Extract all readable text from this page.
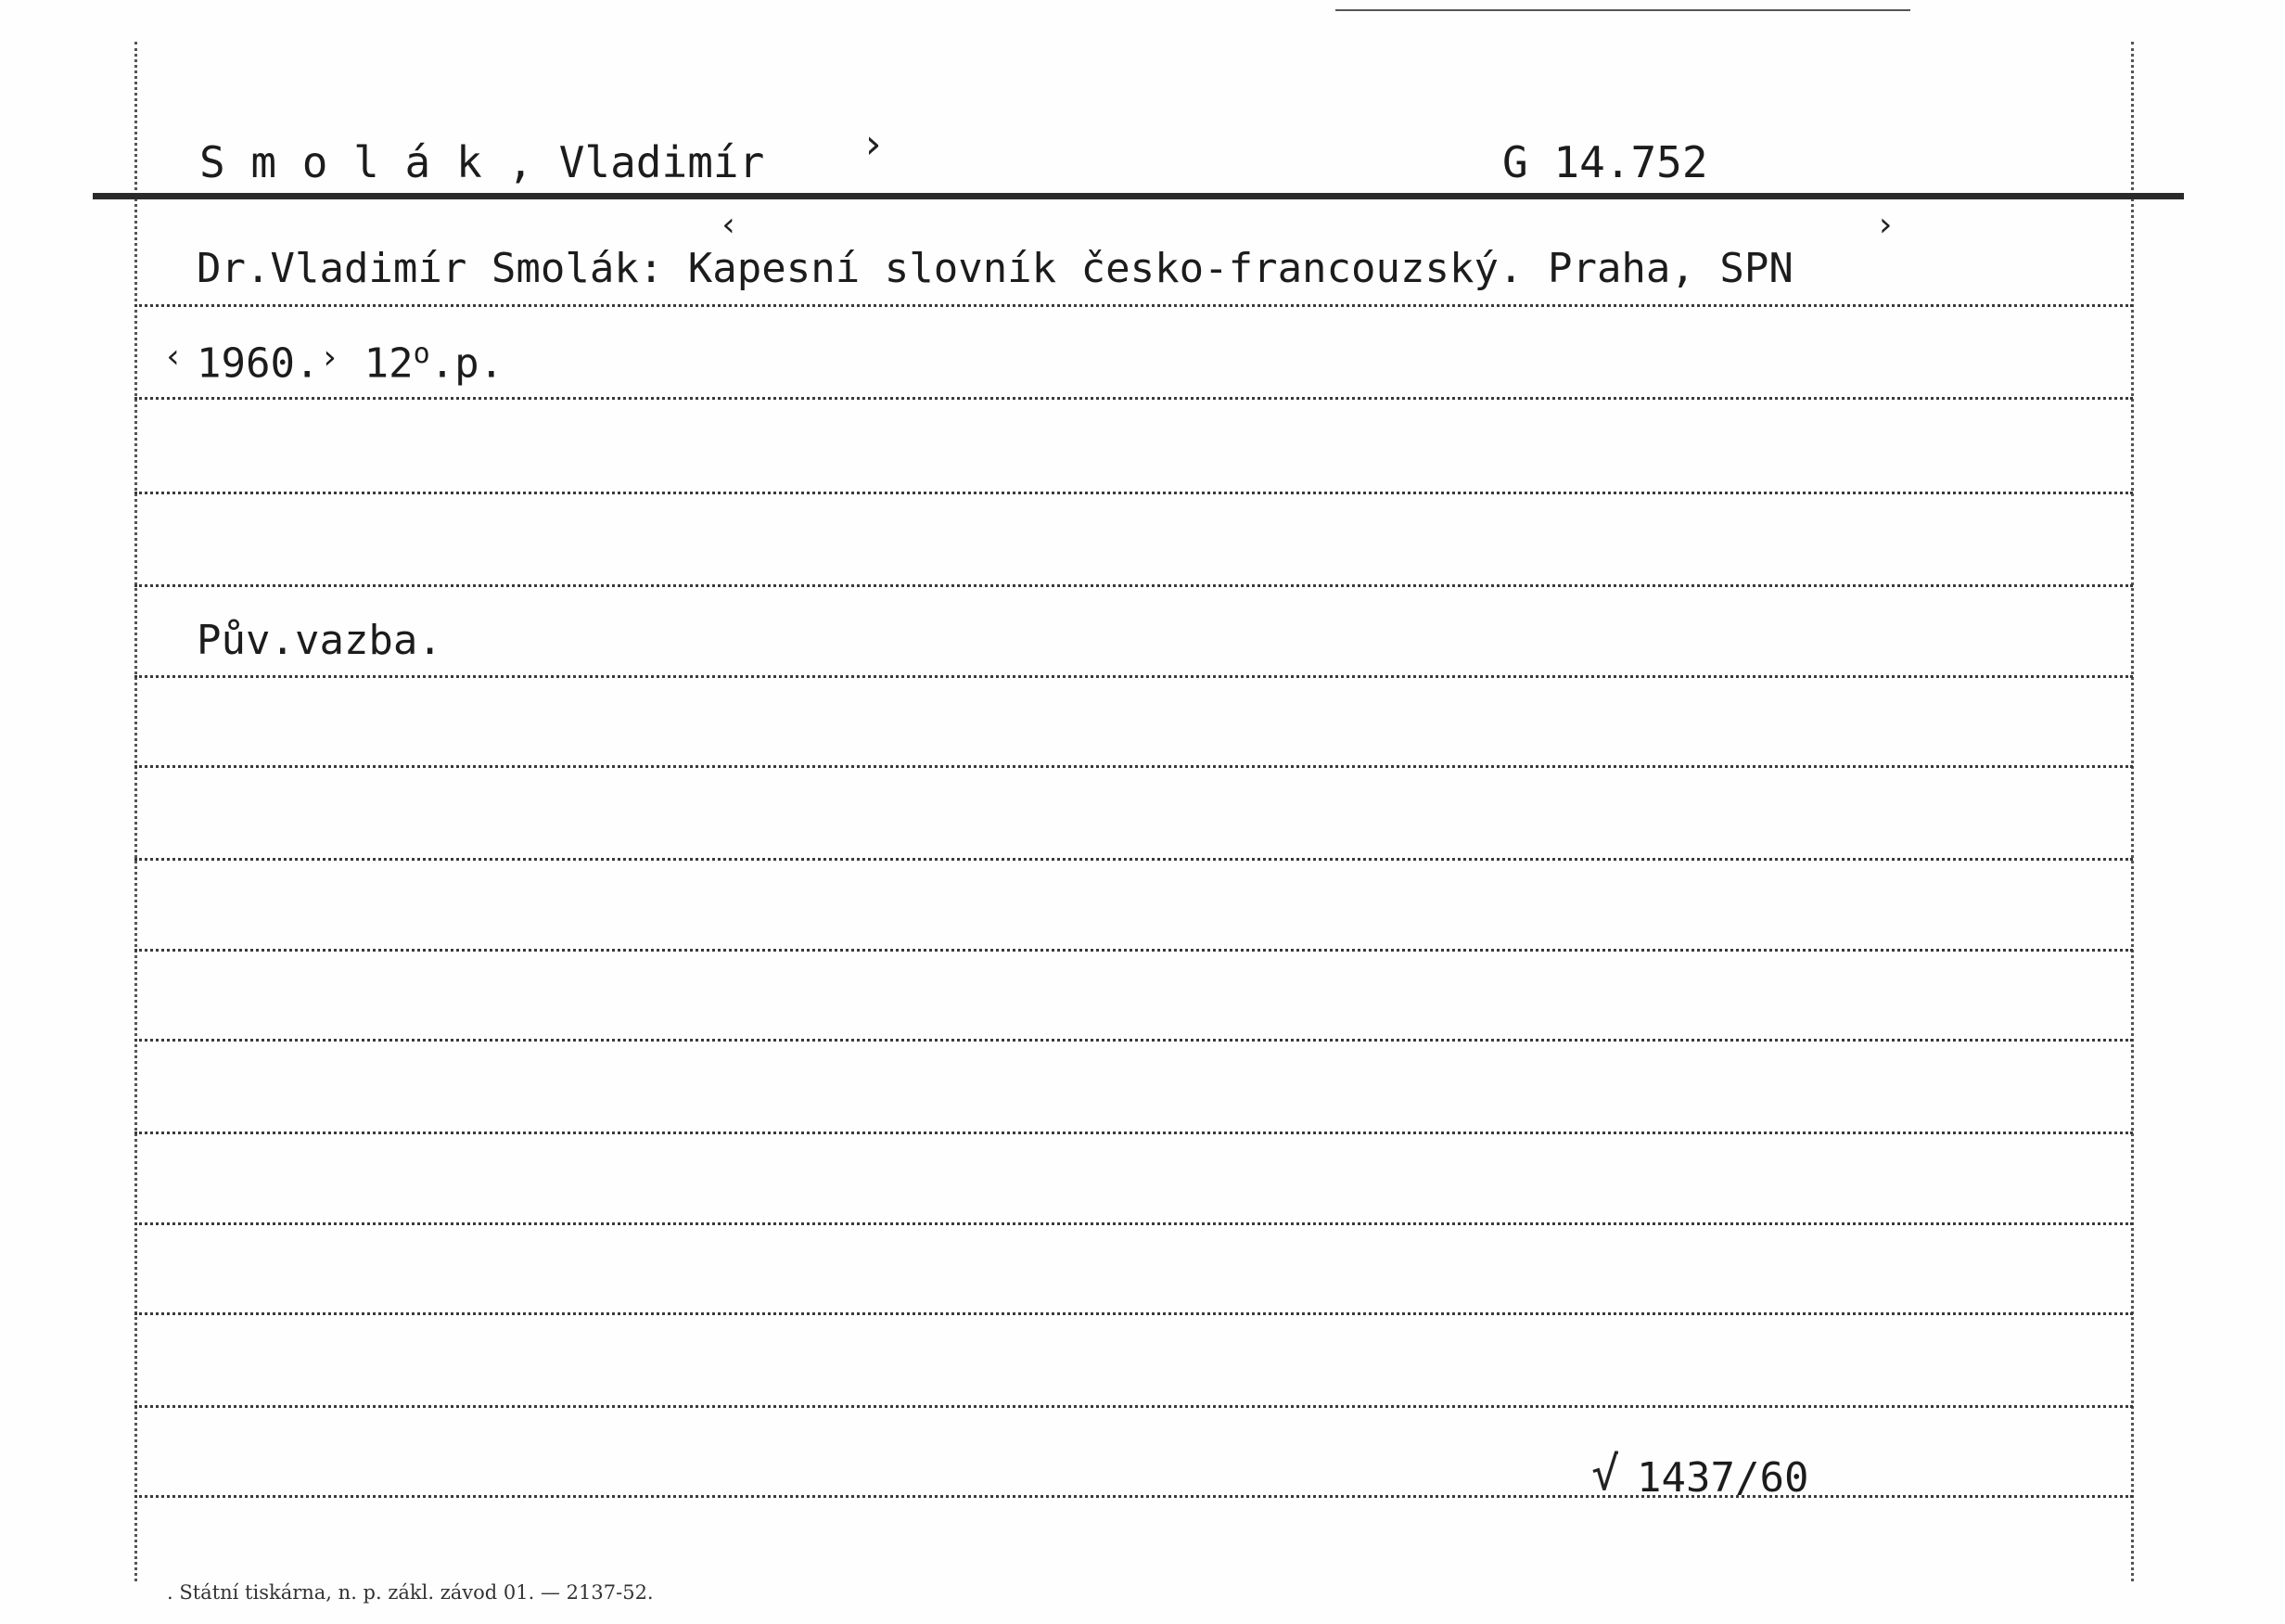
S m o l á k , Vladimír ›	G 14.752
Dr.Vladimír Smolák: Kapesní slovník česko-francouzský. Praha, SPN
‹	›
‹ 1960.› 12$^o$.p.
Pův.vazba.
√ 1437/60
. Státní tiskárna, n. p. zákl. závod 01. — 2137-52.
